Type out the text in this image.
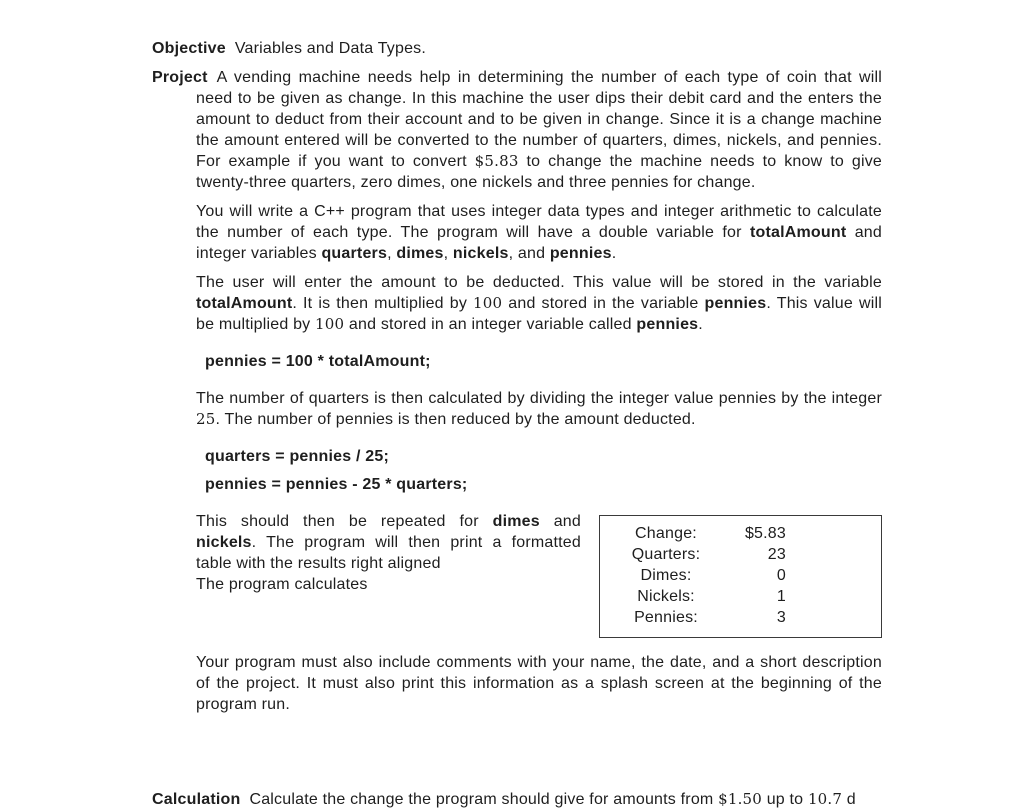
Objective Variables and Data Types.

Project A vending machine needs help in determining the number of each type of coin that will need to be given as change. In this machine the user dips their debit card and the enters the amount to deduct from their account and to be given in change. Since it is a change machine the amount entered will be converted to the number of quarters, dimes, nickels, and pennies. For example if you want to convert $5.83 to change the machine needs to know to give twenty-three quarters, zero dimes, one nickels and three pennies for change.

You will write a C++ program that uses integer data types and integer arithmetic to calculate the number of each type. The program will have a double variable for totalAmount and integer variables quarters, dimes, nickels, and pennies.

The user will enter the amount to be deducted. This value will be stored in the variable totalAmount. It is then multiplied by 100 and stored in the variable pennies. This value will be multiplied by 100 and stored in an integer variable called pennies.

pennies = 100 * totalAmount;

The number of quarters is then calculated by dividing the integer value pennies by the integer 25. The number of pennies is then reduced by the amount deducted.

quarters = pennies / 25;

pennies = pennies - 25 * quarters;

Change:	$5.83
Quarters:	23
Dimes:	0
Nickels:	1
Pennies:	3

This should then be repeated for dimes and nickels. The program will then print a formatted table with the results right aligned

The program calculates

Your program must also include comments with your name, the date, and a short description of the project. It must also print this information as a splash screen at the beginning of the program run.

Calculation Calculate the change the program should give for amounts from $1.50 up to 10.7 d
